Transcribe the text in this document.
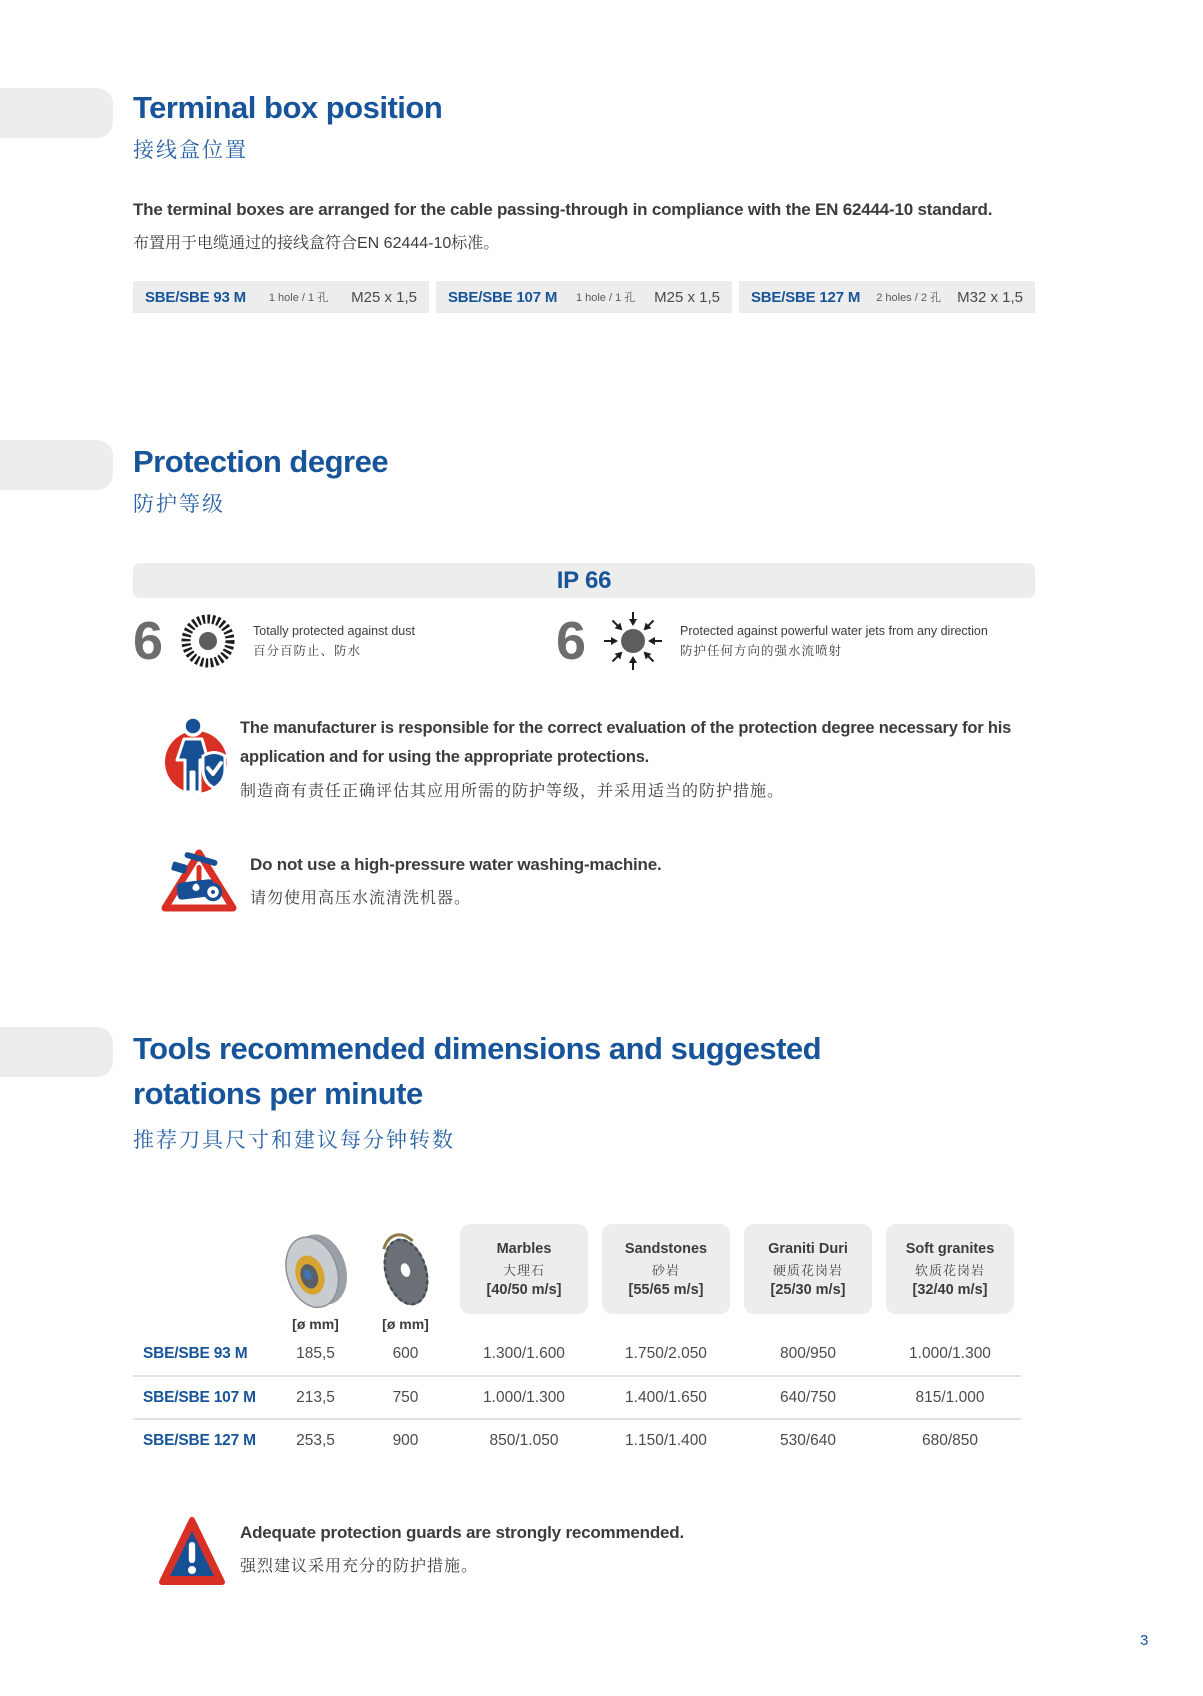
Terminal box position
接线盒位置
The terminal boxes are arranged for the cable passing-through in compliance with the EN 62444-10 standard.
布置用于电缆通过的接线盒符合EN 62444-10标准。
SBE/SBE 93 M 1 hole / 1 孔 M25 x 1,5 SBE/SBE 107 M 1 hole / 1 孔 M25 x 1,5 SBE/SBE 127 M 2 holes / 2 孔 M32 x 1,5
Protection degree
防护等级
IP 66
6	Totally protected against dust
百分百防止、防水	6	Protected against powerful water jets from any direction
防护任何方向的强水流喷射
The manufacturer is responsible for the correct evaluation of the protection degree necessary for his application and for using the appropriate protections.
制造商有责任正确评估其应用所需的防护等级，并采用适当的防护措施。
Do not use a high-pressure water washing-machine.
请勿使用高压水流清洗机器。
Tools recommended dimensions and suggested rotations per minute
推荐刀具尺寸和建议每分钟转数
[ø mm]	[ø mm]
Marbles
大理石
[40/50 m/s]
Sandstones
砂岩
[55/65 m/s]
Graniti Duri
硬质花岗岩
[25/30 m/s]
Soft granites
软质花岗岩
[32/40 m/s]
SBE/SBE 93 M	185,5	600	1.300/1.600	1.750/2.050	800/950	1.000/1.300
SBE/SBE 107 M	213,5	750	1.000/1.300	1.400/1.650	640/750	815/1.000
SBE/SBE 127 M	253,5	900	850/1.050	1.150/1.400	530/640	680/850
Adequate protection guards are strongly recommended.
强烈建议采用充分的防护措施。
3
